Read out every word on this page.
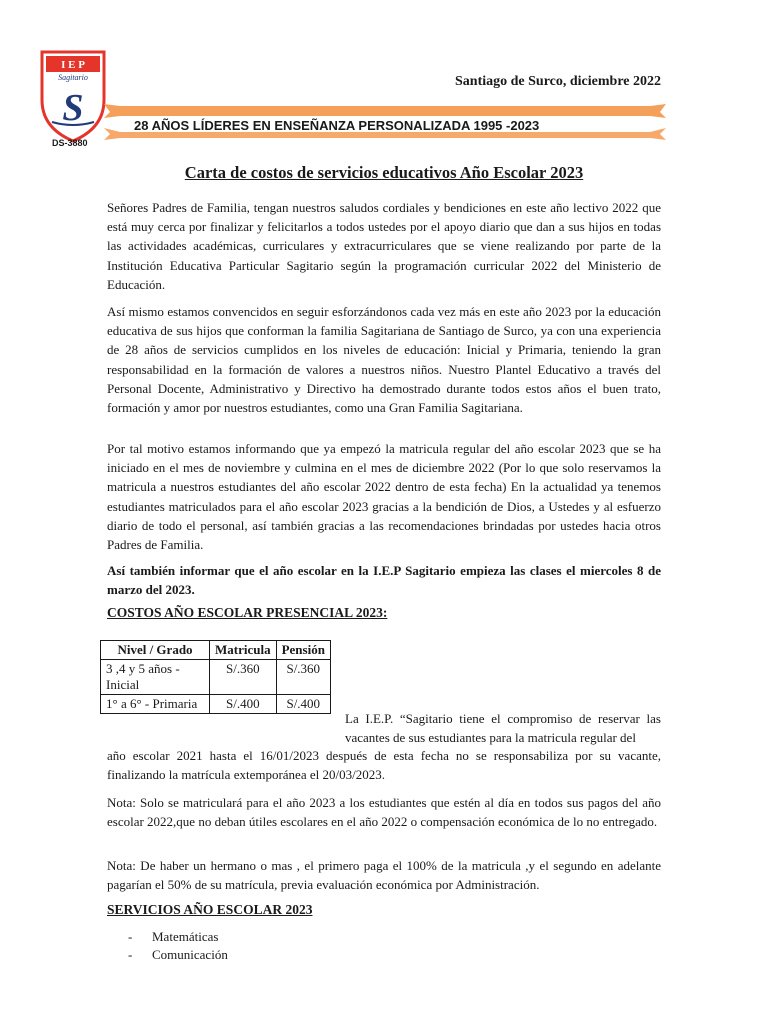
I E P
Sagitario
S
DS-3880
Santiago de Surco, diciembre 2022
28 AÑOS LÍDERES EN ENSEÑANZA PERSONALIZADA 1995 -2023
Carta de costos de servicios educativos Año Escolar 2023

Señores Padres de Familia, tengan nuestros saludos cordiales y bendiciones en este año lectivo 2022 que está muy cerca por finalizar y felicitarlos a todos ustedes por el apoyo diario que dan a sus hijos en todas las actividades académicas, curriculares y extracurriculares que se viene realizando por parte de la Institución Educativa Particular Sagitario según la programación curricular 2022 del Ministerio de Educación.

Así mismo estamos convencidos en seguir esforzándonos cada vez más en este año 2023 por la educación educativa de sus hijos que conforman la familia Sagitariana de Santiago de Surco, ya con una experiencia de 28 años de servicios cumplidos en los niveles de educación: Inicial y Primaria, teniendo la gran responsabilidad en la formación de valores a nuestros niños. Nuestro Plantel Educativo a través del Personal Docente, Administrativo y Directivo ha demostrado durante todos estos años el buen trato, formación y amor por nuestros estudiantes, como una Gran Familia Sagitariana.

Por tal motivo estamos informando que ya empezó la matricula regular del año escolar 2023 que se ha iniciado en el mes de noviembre y culmina en el mes de diciembre 2022 (Por lo que solo reservamos la matricula a nuestros estudiantes del año escolar 2022 dentro de esta fecha) En la actualidad ya tenemos estudiantes matriculados para el año escolar 2023 gracias a la bendición de Dios, a Ustedes y al esfuerzo diario de todo el personal, así también gracias a las recomendaciones brindadas por ustedes hacia otros Padres de Familia.

Así también informar que el año escolar en la I.E.P Sagitario empieza las clases el miercoles 8 de marzo del 2023.

COSTOS AÑO ESCOLAR PRESENCIAL 2023:
Nivel / Grado	Matricula	Pensión
3 ,4 y 5 años - Inicial	S/.360	S/.360
1° a 6° - Primaria	S/.400	S/.400
La I.E.P. “Sagitario tiene el compromiso de reservar las vacantes de sus estudiantes para la matricula regular del
año escolar 2021 hasta el 16/01/2023 después de esta fecha no se responsabiliza por su vacante, finalizando la matrícula extemporánea el 20/03/2023.

Nota: Solo se matriculará para el año 2023 a los estudiantes que estén al día en todos sus pagos del año escolar 2022,que no deban útiles escolares en el año 2022 o compensación económica de lo no entregado.

Nota: De haber un hermano o mas , el primero paga el 100% de la matricula ,y el segundo en adelante pagarían el 50% de su matrícula, previa evaluación económica por Administración.

SERVICIOS AÑO ESCOLAR 2023
- Matemáticas
- Comunicación
